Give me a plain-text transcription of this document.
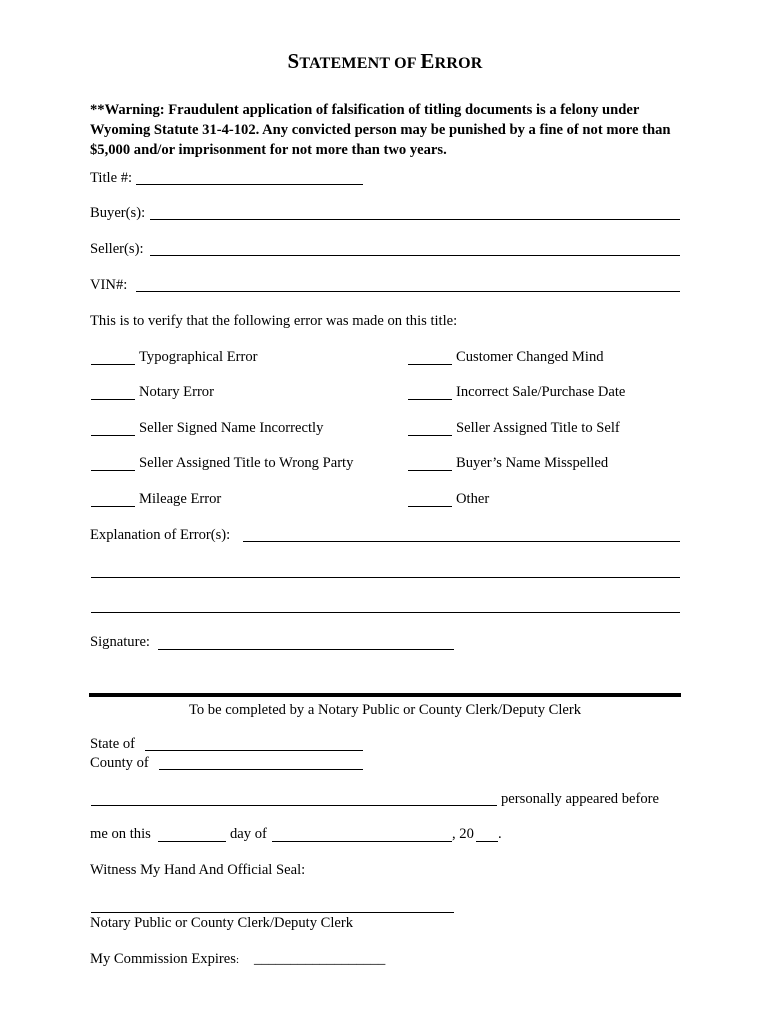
STATEMENT OF ERROR
**Warning: Fraudulent application of falsification of titling documents is a felony under Wyoming Statute 31-4-102. Any convicted person may be punished by a fine of not more than $5,000 and/or imprisonment for not more than two years.
Title #:
Buyer(s):
Seller(s):
VIN#:
This is to verify that the following error was made on this title:
Typographical Error
Notary Error
Seller Signed Name Incorrectly
Seller Assigned Title to Wrong Party
Mileage Error
Customer Changed Mind
Incorrect Sale/Purchase Date
Seller Assigned Title to Self
Buyer’s Name Misspelled
Other
Explanation of Error(s):
Signature:
To be completed by a Notary Public or County Clerk/Deputy Clerk
State of
County of
personally appeared before
me on this	day of	, 20 .
Witness My Hand And Official Seal:
Notary Public or County Clerk/Deputy Clerk
My Commission Expires: __________________
